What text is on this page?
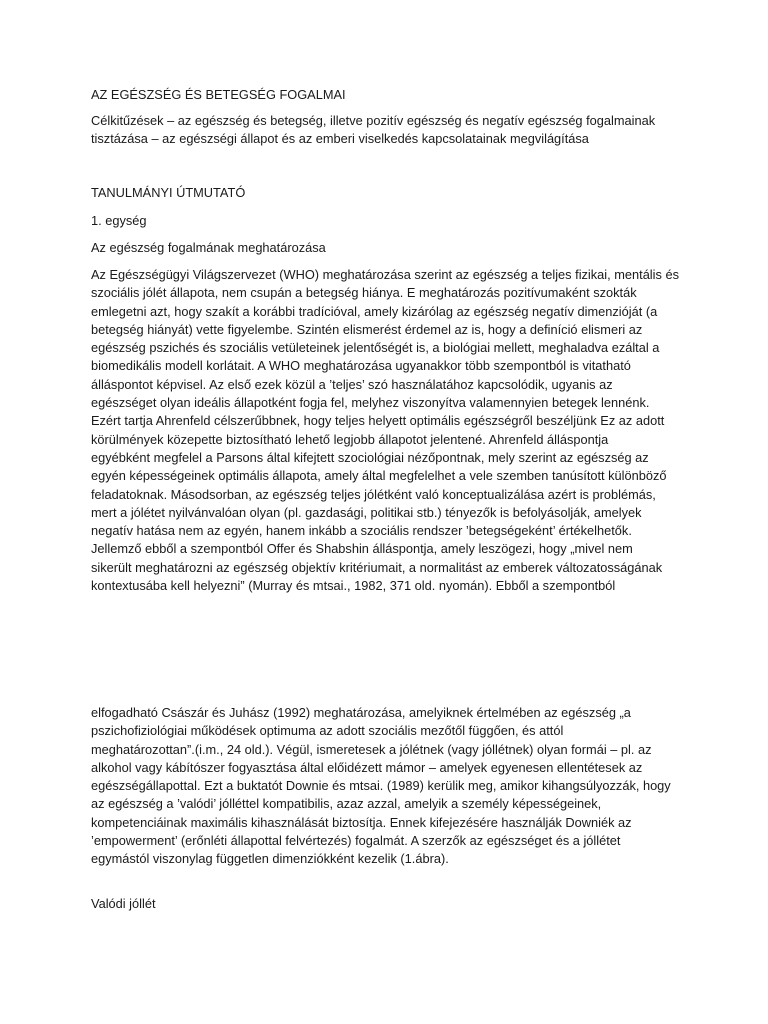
AZ EGÉSZSÉG ÉS BETEGSÉG FOGALMAI

Célkitűzések – az egészség és betegség, illetve pozitív egészség és negatív egészség fogalmainak
tisztázása – az egészségi állapot és az emberi viselkedés kapcsolatainak megvilágítása

TANULMÁNYI ÚTMUTATÓ

1. egység

Az egészség fogalmának meghatározása

Az Egészségügyi Világszervezet (WHO) meghatározása szerint az egészség a teljes fizikai, mentális és
szociális jólét állapota, nem csupán a betegség hiánya. E meghatározás pozitívumaként szokták
emlegetni azt, hogy szakít a korábbi tradícióval, amely kizárólag az egészség negatív dimenzióját (a
betegség hiányát) vette figyelembe. Szintén elismerést érdemel az is, hogy a definíció elismeri az
egészség pszichés és szociális vetületeinek jelentőségét is, a biológiai mellett, meghaladva ezáltal a
biomedikális modell korlátait. A WHO meghatározása ugyanakkor több szempontból is vitatható
álláspontot képvisel. Az első ezek közül a ’teljes’ szó használatához kapcsolódik, ugyanis az
egészséget olyan ideális állapotként fogja fel, melyhez viszonyítva valamennyien betegek lennénk.
Ezért tartja Ahrenfeld célszerűbbnek, hogy teljes helyett optimális egészségről beszéljünk Ez az adott
körülmények közepette biztosítható lehető legjobb állapotot jelentené. Ahrenfeld álláspontja
egyébként megfelel a Parsons által kifejtett szociológiai nézőpontnak, mely szerint az egészség az
egyén képességeinek optimális állapota, amely által megfelelhet a vele szemben tanúsított különböző
feladatoknak. Másodsorban, az egészség teljes jólétként való konceptualizálása azért is problémás,
mert a jólétet nyilvánvalóan olyan (pl. gazdasági, politikai stb.) tényezők is befolyásolják, amelyek
negatív hatása nem az egyén, hanem inkább a szociális rendszer ’betegségeként’ értékelhetők.
Jellemző ebből a szempontból Offer és Shabshin álláspontja, amely leszögezi, hogy „mivel nem
sikerült meghatározni az egészség objektív kritériumait, a normalitást az emberek változatosságának
kontextusába kell helyezni” (Murray és mtsai., 1982, 371 old. nyomán). Ebből a szempontból

elfogadható Császár és Juhász (1992) meghatározása, amelyiknek értelmében az egészség „a
pszichofiziológiai működések optimuma az adott szociális mezőtől függően, és attól
meghatározottan”.(i.m., 24 old.). Végül, ismeretesek a jólétnek (vagy jóllétnek) olyan formái – pl. az
alkohol vagy kábítószer fogyasztása által előidézett mámor – amelyek egyenesen ellentétesek az
egészségállapottal. Ezt a buktatót Downie és mtsai. (1989) kerülik meg, amikor kihangsúlyozzák, hogy
az egészség a ’valódi’ jólléttel kompatibilis, azaz azzal, amelyik a személy képességeinek,
kompetenciáinak maximális kihasználását biztosítja. Ennek kifejezésére használják Downiék az
’empowerment’ (erőnléti állapottal felvértezés) fogalmát. A szerzők az egészséget és a jóllétet
egymástól viszonylag független dimenziókként kezelik (1.ábra).

Valódi jóllét
